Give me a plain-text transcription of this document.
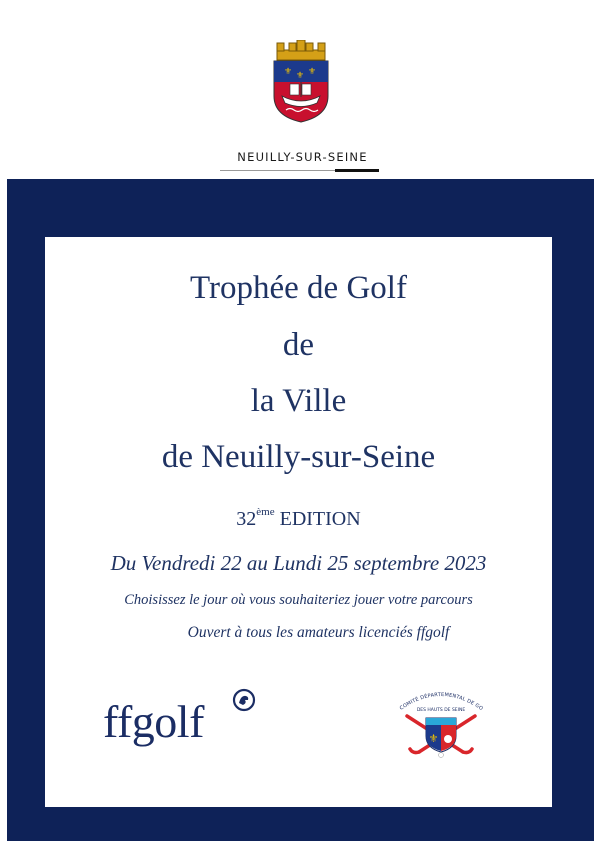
⚜ ⚜ ⚜
NEUILLY-SUR-SEINE

Trophée de Golf

de

la Ville

de Neuilly-sur-Seine

32ème EDITION

Du Vendredi 22 au Lundi 25 septembre 2023

Choisissez le jour où vous souhaiteriez jouer votre parcours

Ouvert à tous les amateurs licenciés ffgolf

ffgolf	COMITÉ DÉPARTEMENTAL DE GO
DES HAUTS DE SEINE
⚜
